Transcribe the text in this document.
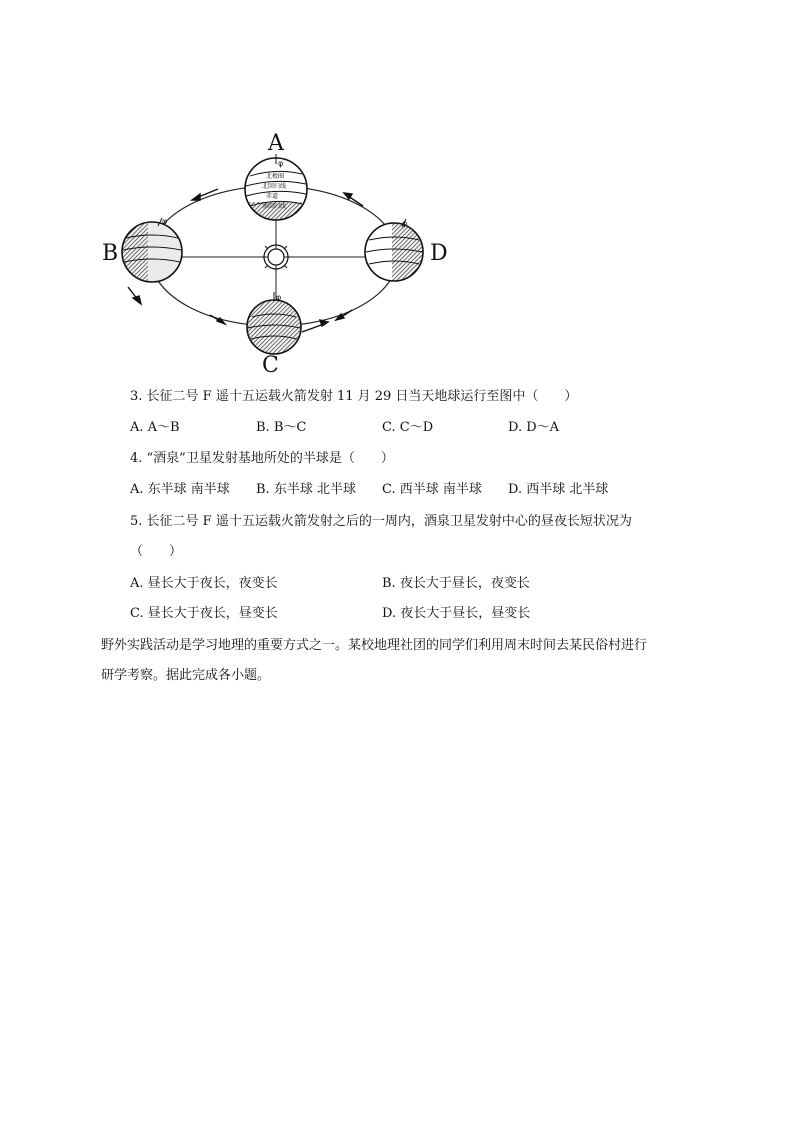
φ
北极圈
北回归线
赤道
南回归线
φ
φ
φ
A
B
C
D
3. 长征二号 F 遥十五运载火箭发射 11 月 29 日当天地球运行至图中（　　）
A. A～B	B. B～C	C. C～D	D. D～A
4. “酒泉”卫星发射基地所处的半球是（　　）
A. 东半球 南半球 B. 东半球 北半球 C. 西半球 南半球 D. 西半球 北半球
5. 长征二号 F 遥十五运载火箭发射之后的一周内，酒泉卫星发射中心的昼夜长短状况为
（　　）
A. 昼长大于夜长，夜变长	B. 夜长大于昼长，夜变长
C. 昼长大于夜长，昼变长	D. 夜长大于昼长，昼变长
野外实践活动是学习地理的重要方式之一。某校地理社团的同学们利用周末时间去某民俗村进行
研学考察。据此完成各小题。
